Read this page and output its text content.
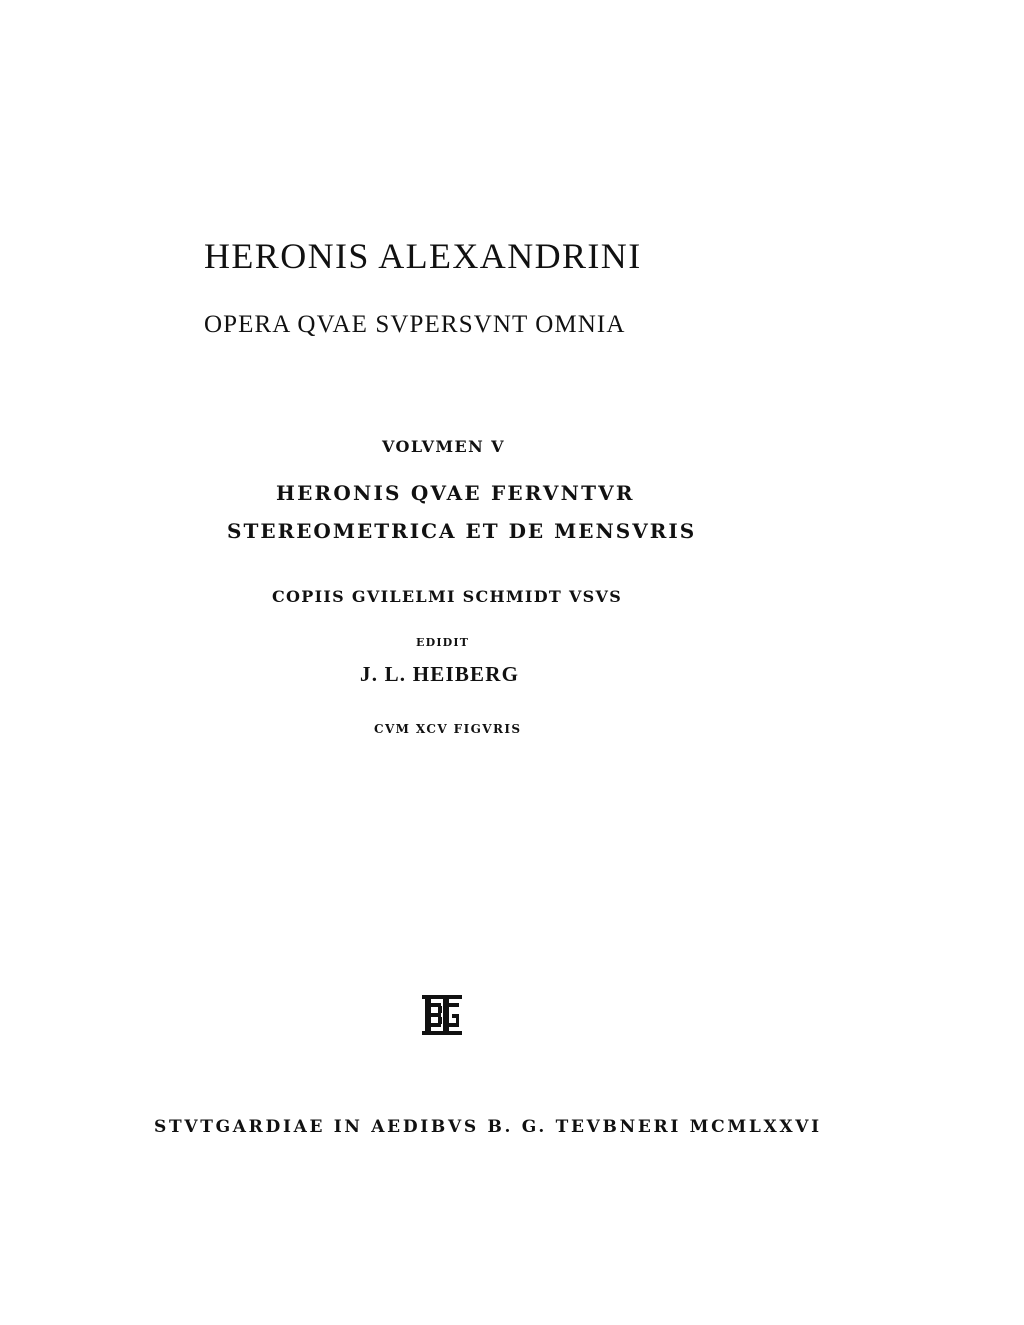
HERONIS ALEXANDRINI
OPERA QVAE SVPERSVNT OMNIA
VOLVMEN V
HERONIS QVAE FERVNTVR
STEREOMETRICA ET DE MENSVRIS
COPIIS GVILELMI SCHMIDT VSVS
EDIDIT
J. L. HEIBERG
CVM XCV FIGVRIS
STVTGARDIAE IN AEDIBVS B. G. TEVBNERI MCMLXXVI
